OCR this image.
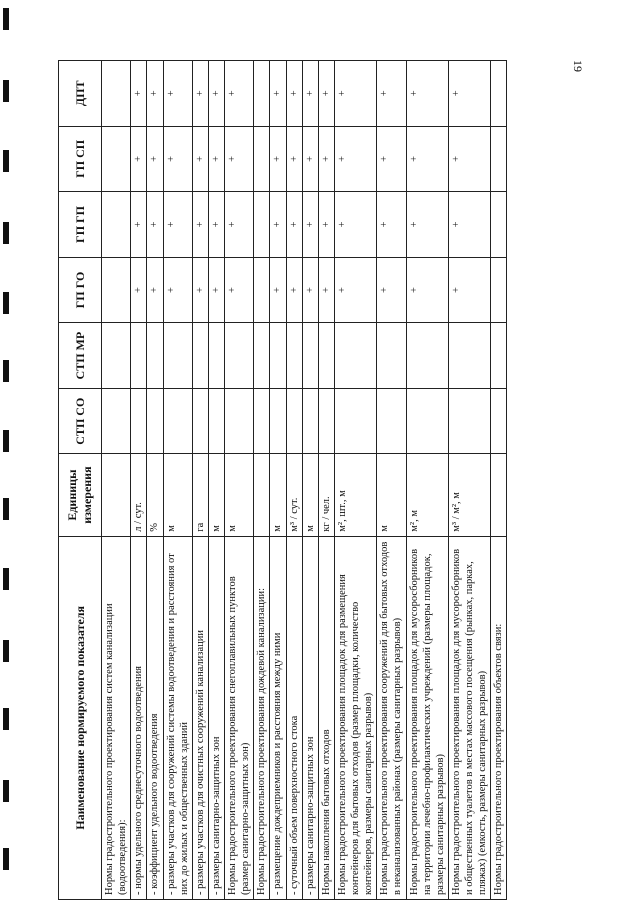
19
Наименование нормируемого показателя	Единицы измерения	СТП СО	СТП МР	ГП ГО	ГП ГП	ГП СП	ДПТ
Нормы градостроительного проектирования систем канализации (водоотведения):							
- нормы удельного среднесуточного водоотведения	л / сут.			+	+	+	+
- коэффициент удельного водоотведения	%			+	+	+	+
- размеры участков для сооружений системы водоотведения и расстояния от них до жилых и общественных зданий	м			+	+	+	+
- размеры участков для очистных сооружений канализации	га			+	+	+	+
- размеры санитарно-защитных зон	м			+	+	+	+
Нормы градостроительного проектирования снегоплавильных пунктов (размер санитарно-защитных зон)	м			+	+	+	+
Нормы градостроительного проектирования дождевой канализации:							
- размещение дождеприемников и расстояния между ними	м			+	+	+	+
- суточный объем поверхностного стока	м³ / сут.			+	+	+	+
- размеры санитарно-защитных зон	м			+	+	+	+
Нормы накопления бытовых отходов	кг / чел.			+	+	+	+
Нормы градостроительного проектирования площадок для размещения контейнеров для бытовых отходов (размер площадки, количество контейнеров, размеры санитарных разрывов)	м², шт., м			+	+	+	+
Нормы градостроительного проектирования сооружений для бытовых отходов в неканализованных районах (размеры санитарных разрывов)	м			+	+	+	+
Нормы градостроительного проектирования площадок для мусоросборников на территории лечебно-профилактических учреждений (размеры площадок, размеры санитарных разрывов)	м², м			+	+	+	+
Нормы градостроительного проектирования площадок для мусоросборников и общественных туалетов в местах массового посещения (рынках, парках, пляжах) (емкость, размеры санитарных разрывов)	м³ / м², м			+	+	+	+
Нормы градостроительного проектирования объектов связи:							
